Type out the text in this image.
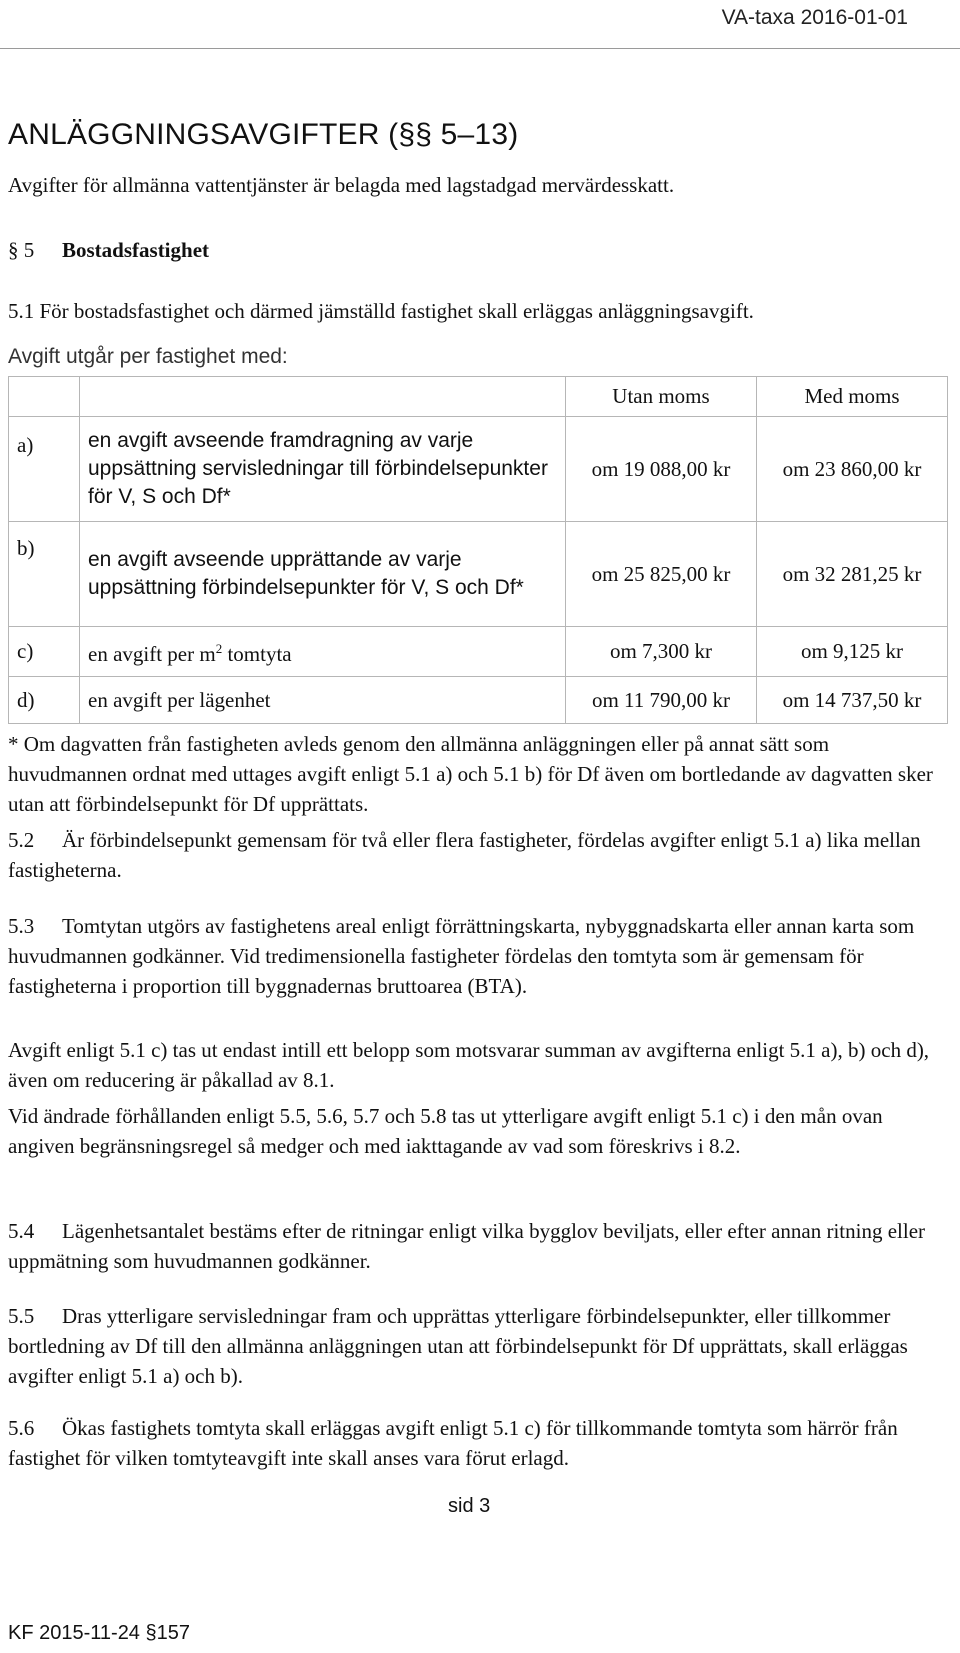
VA-taxa 2016-01-01
ANLÄGGNINGSAVGIFTER (§§ 5–13)

Avgifter för allmänna vattentjänster är belagda med lagstadgad mervärdesskatt.

§ 5 Bostadsfastighet

5.1 För bostadsfastighet och därmed jämställd fastighet skall erläggas anläggningsavgift.

Avgift utgår per fastighet med:
		Utan moms	Med moms
a)	en avgift avseende framdragning av varje uppsättning servisledningar till förbindelsepunkter för V, S och Df*	om 19 088,00 kr	om 23 860,00 kr
b)	en avgift avseende upprättande av varje uppsättning förbindelsepunkter för V, S och Df*	om 25 825,00 kr	om 32 281,25 kr
c)	en avgift per $m^2$ tomtyta	om 7,300 kr	om 9,125 kr
d)	en avgift per lägenhet	om 11 790,00 kr	om 14 737,50 kr

* Om dagvatten från fastigheten avleds genom den allmänna anläggningen eller på annat sätt som huvudmannen ordnat med uttages avgift enligt 5.1 a) och 5.1 b) för Df även om bortledande av dagvatten sker utan att förbindelsepunkt för Df upprättats.

5.2 Är förbindelsepunkt gemensam för två eller flera fastigheter, fördelas avgifter enligt 5.1 a) lika mellan fastigheterna.

5.3 Tomtytan utgörs av fastighetens areal enligt förrättningskarta, nybyggnadskarta eller annan karta som huvudmannen godkänner. Vid tredimensionella fastigheter fördelas den tomtyta som är gemensam för fastigheterna i proportion till byggnadernas bruttoarea (BTA).

Avgift enligt 5.1 c) tas ut endast intill ett belopp som motsvarar summan av avgifterna enligt 5.1 a), b) och d), även om reducering är påkallad av 8.1.

Vid ändrade förhållanden enligt 5.5, 5.6, 5.7 och 5.8 tas ut ytterligare avgift enligt 5.1 c) i den mån ovan angiven begränsningsregel så medger och med iakttagande av vad som föreskrivs i 8.2.

5.4 Lägenhetsantalet bestäms efter de ritningar enligt vilka bygglov beviljats, eller efter annan ritning eller uppmätning som huvudmannen godkänner.

5.5 Dras ytterligare servisledningar fram och upprättas ytterligare förbindelsepunkter, eller tillkommer bortledning av Df till den allmänna anläggningen utan att förbindelsepunkt för Df upprättats, skall erläggas avgifter enligt 5.1 a) och b).

5.6 Ökas fastighets tomtyta skall erläggas avgift enligt 5.1 c) för tillkommande tomtyta som härrör från fastighet för vilken tomtyteavgift inte skall anses vara förut erlagd.

sid 3
KF 2015-11-24 §157
